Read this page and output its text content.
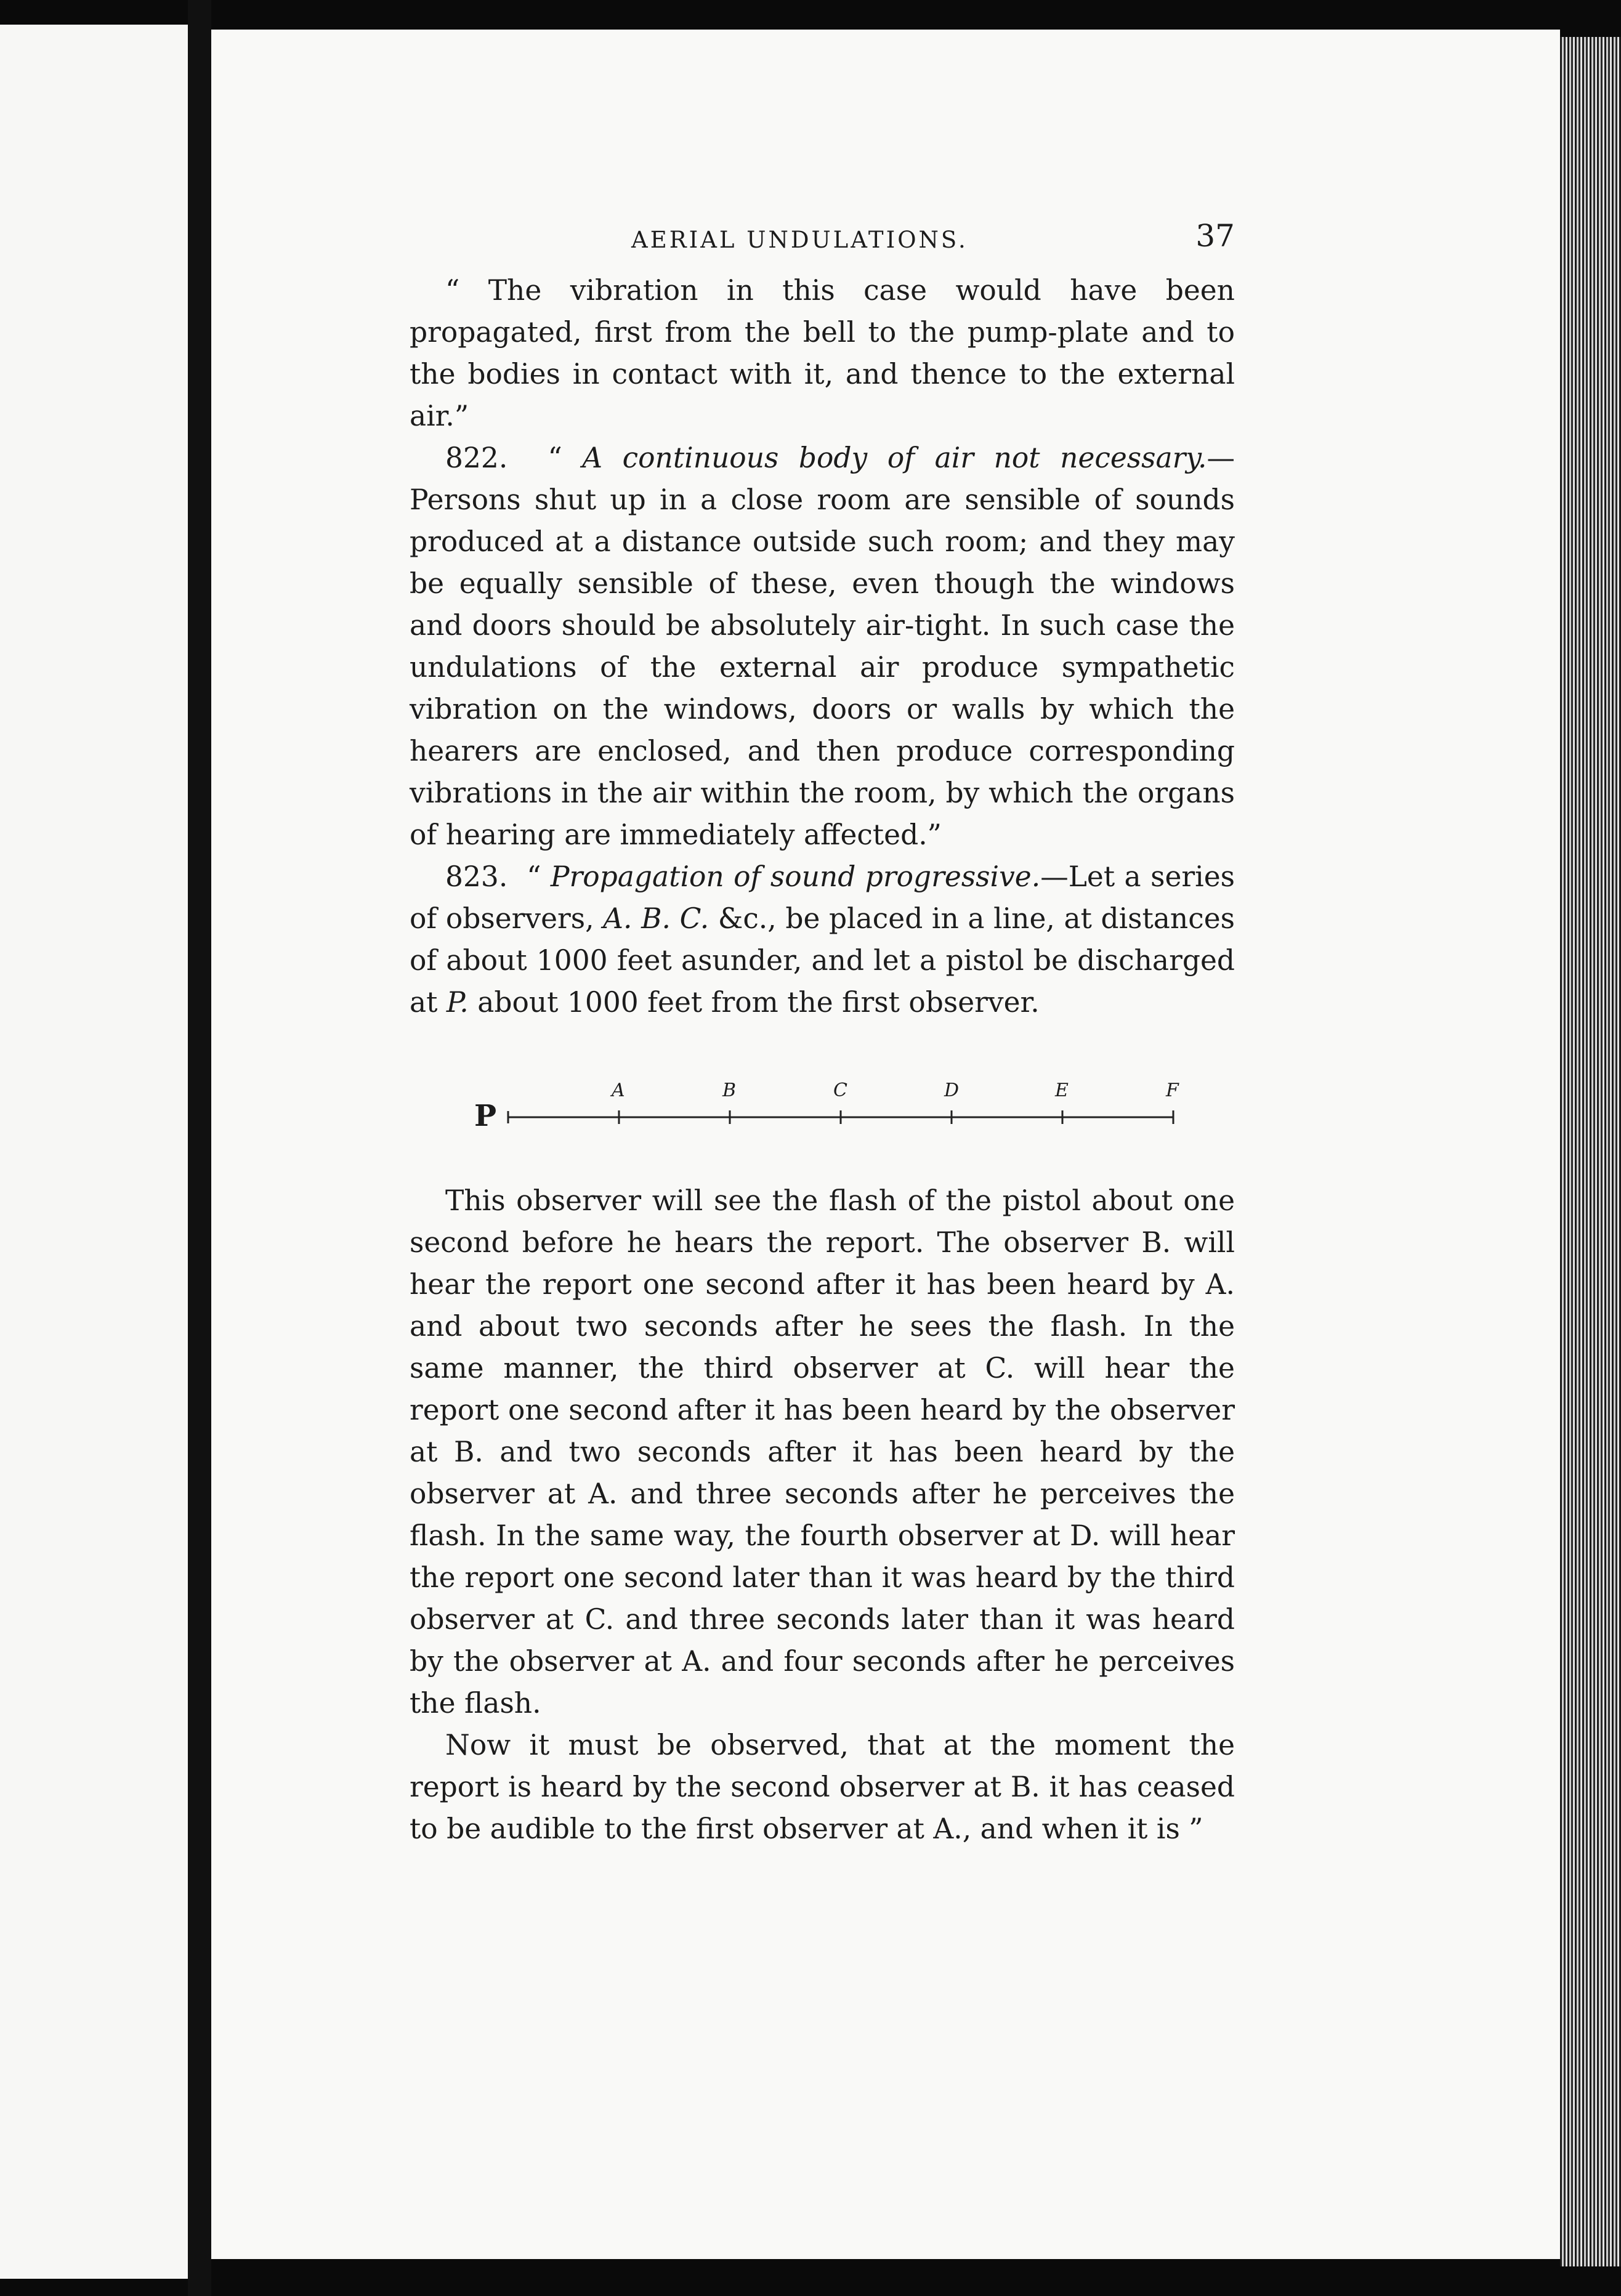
AERIAL UNDULATIONS.	37

“ The vibration in this case would have been propagated, first from the bell to the pump-plate and to the bodies in contact with it, and thence to the external air.”

822. “ A continuous body of air not necessary.—Persons shut up in a close room are sensible of sounds produced at a distance outside such room; and they may be equally sensible of these, even though the windows and doors should be absolutely air-tight. In such case the undulations of the external air produce sympathetic vibration on the windows, doors or walls by which the hearers are enclosed, and then produce corresponding vibrations in the air within the room, by which the organs of hearing are immediately affected.”

823. “ Propagation of sound progressive.—Let a series of observers, A. B. C. &c., be placed in a line, at distances of about 1000 feet asunder, and let a pistol be discharged at P. about 1000 feet from the first observer.

P
A	B	C	D	E	F

This observer will see the flash of the pistol about one second before he hears the report. The observer B. will hear the report one second after it has been heard by A. and about two seconds after he sees the flash. In the same manner, the third observer at C. will hear the report one second after it has been heard by the observer at B. and two seconds after it has been heard by the observer at A. and three seconds after he perceives the flash. In the same way, the fourth observer at D. will hear the report one second later than it was heard by the third observer at C. and three seconds later than it was heard by the observer at A. and four seconds after he perceives the flash.

Now it must be observed, that at the moment the report is heard by the second observer at B. it has ceased to be audible to the first observer at A., and when it is ”
